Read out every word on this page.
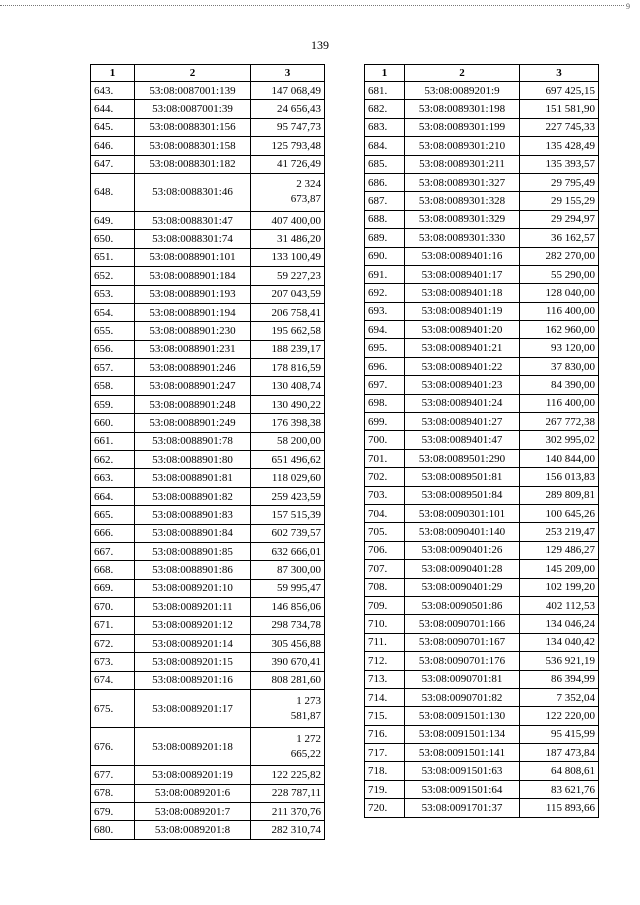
9
139
1	2	3
643.	53:08:0087001:139	147 068,49
644.	53:08:0087001:39	24 656,43
645.	53:08:0088301:156	95 747,73
646.	53:08:0088301:158	125 793,48
647.	53:08:0088301:182	41 726,49
648.	53:08:0088301:46	2 324
673,87
649.	53:08:0088301:47	407 400,00
650.	53:08:0088301:74	31 486,20
651.	53:08:0088901:101	133 100,49
652.	53:08:0088901:184	59 227,23
653.	53:08:0088901:193	207 043,59
654.	53:08:0088901:194	206 758,41
655.	53:08:0088901:230	195 662,58
656.	53:08:0088901:231	188 239,17
657.	53:08:0088901:246	178 816,59
658.	53:08:0088901:247	130 408,74
659.	53:08:0088901:248	130 490,22
660.	53:08:0088901:249	176 398,38
661.	53:08:0088901:78	58 200,00
662.	53:08:0088901:80	651 496,62
663.	53:08:0088901:81	118 029,60
664.	53:08:0088901:82	259 423,59
665.	53:08:0088901:83	157 515,39
666.	53:08:0088901:84	602 739,57
667.	53:08:0088901:85	632 666,01
668.	53:08:0088901:86	87 300,00
669.	53:08:0089201:10	59 995,47
670.	53:08:0089201:11	146 856,06
671.	53:08:0089201:12	298 734,78
672.	53:08:0089201:14	305 456,88
673.	53:08:0089201:15	390 670,41
674.	53:08:0089201:16	808 281,60
675.	53:08:0089201:17	1 273
581,87
676.	53:08:0089201:18	1 272
665,22
677.	53:08:0089201:19	122 225,82
678.	53:08:0089201:6	228 787,11
679.	53:08:0089201:7	211 370,76
680.	53:08:0089201:8	282 310,74
1	2	3
681.	53:08:0089201:9	697 425,15
682.	53:08:0089301:198	151 581,90
683.	53:08:0089301:199	227 745,33
684.	53:08:0089301:210	135 428,49
685.	53:08:0089301:211	135 393,57
686.	53:08:0089301:327	29 795,49
687.	53:08:0089301:328	29 155,29
688.	53:08:0089301:329	29 294,97
689.	53:08:0089301:330	36 162,57
690.	53:08:0089401:16	282 270,00
691.	53:08:0089401:17	55 290,00
692.	53:08:0089401:18	128 040,00
693.	53:08:0089401:19	116 400,00
694.	53:08:0089401:20	162 960,00
695.	53:08:0089401:21	93 120,00
696.	53:08:0089401:22	37 830,00
697.	53:08:0089401:23	84 390,00
698.	53:08:0089401:24	116 400,00
699.	53:08:0089401:27	267 772,38
700.	53:08:0089401:47	302 995,02
701.	53:08:0089501:290	140 844,00
702.	53:08:0089501:81	156 013,83
703.	53:08:0089501:84	289 809,81
704.	53:08:0090301:101	100 645,26
705.	53:08:0090401:140	253 219,47
706.	53:08:0090401:26	129 486,27
707.	53:08:0090401:28	145 209,00
708.	53:08:0090401:29	102 199,20
709.	53:08:0090501:86	402 112,53
710.	53:08:0090701:166	134 046,24
711.	53:08:0090701:167	134 040,42
712.	53:08:0090701:176	536 921,19
713.	53:08:0090701:81	86 394,99
714.	53:08:0090701:82	7 352,04
715.	53:08:0091501:130	122 220,00
716.	53:08:0091501:134	95 415,99
717.	53:08:0091501:141	187 473,84
718.	53:08:0091501:63	64 808,61
719.	53:08:0091501:64	83 621,76
720.	53:08:0091701:37	115 893,66
